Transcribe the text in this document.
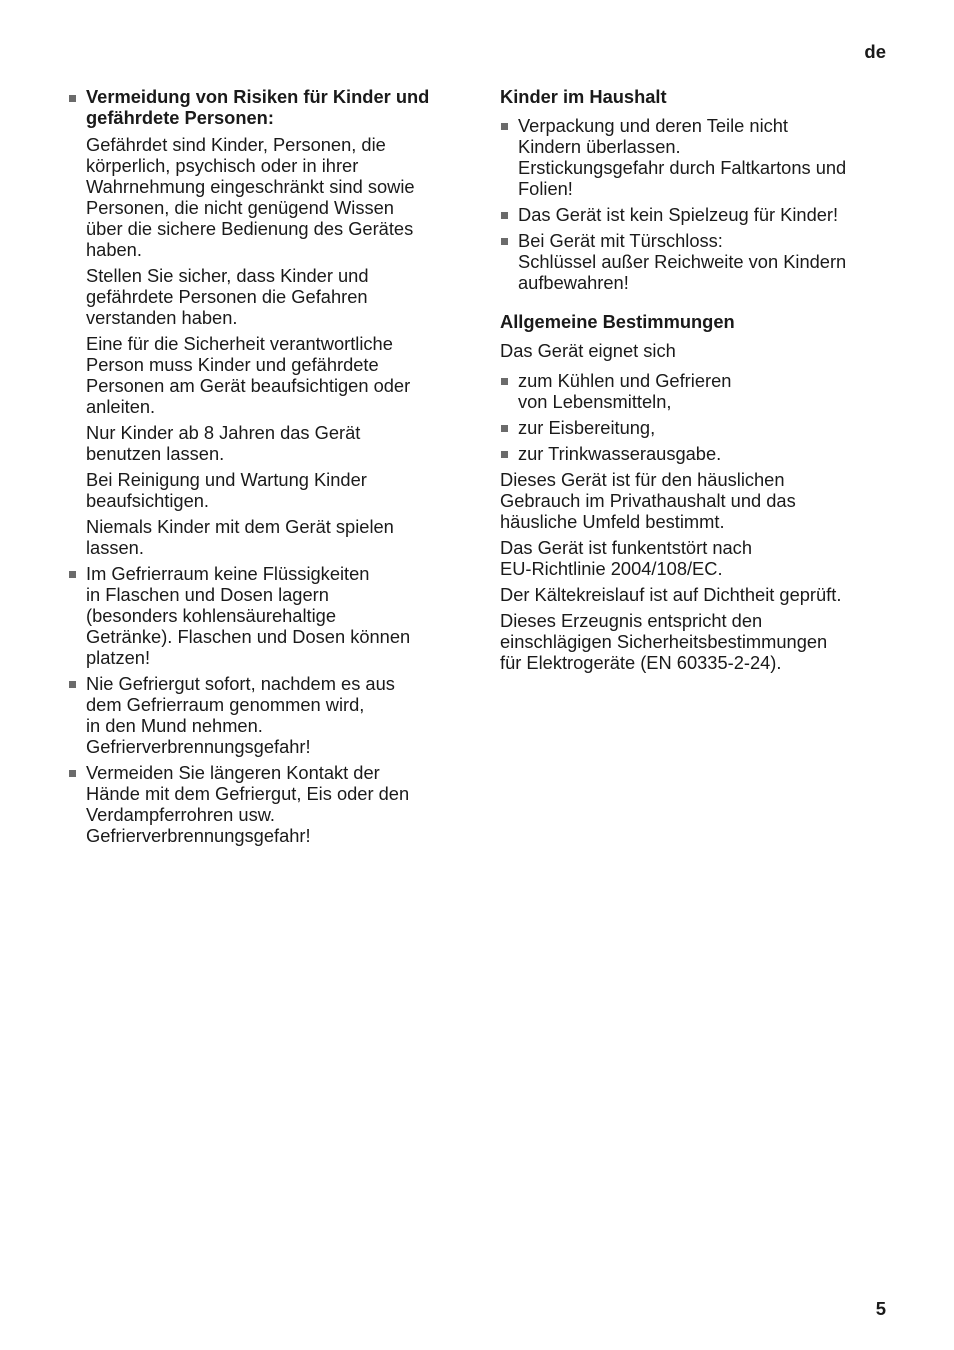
de
Vermeidung von Risiken für Kinder und
gefährdete Personen:
Gefährdet sind Kinder, Personen, die
körperlich, psychisch oder in ihrer
Wahrnehmung eingeschränkt sind sowie
Personen, die nicht genügend Wissen
über die sichere Bedienung des Gerätes
haben.
Stellen Sie sicher, dass Kinder und
gefährdete Personen die Gefahren
verstanden haben.
Eine für die Sicherheit verantwortliche
Person muss Kinder und gefährdete
Personen am Gerät beaufsichtigen oder
anleiten.
Nur Kinder ab 8 Jahren das Gerät
benutzen lassen.
Bei Reinigung und Wartung Kinder
beaufsichtigen.
Niemals Kinder mit dem Gerät spielen
lassen.
Im Gefrierraum keine Flüssigkeiten
in Flaschen und Dosen lagern
(besonders kohlensäurehaltige
Getränke). Flaschen und Dosen können
platzen!
Nie Gefriergut sofort, nachdem es aus
dem Gefrierraum genommen wird,
in den Mund nehmen.
Gefrierverbrennungsgefahr!
Vermeiden Sie längeren Kontakt der
Hände mit dem Gefriergut, Eis oder den
Verdampferrohren usw.
Gefrierverbrennungsgefahr!
Kinder im Haushalt
Verpackung und deren Teile nicht
Kindern überlassen.
Erstickungsgefahr durch Faltkartons und
Folien!
Das Gerät ist kein Spielzeug für Kinder!
Bei Gerät mit Türschloss:
Schlüssel außer Reichweite von Kindern
aufbewahren!
Allgemeine Bestimmungen
Das Gerät eignet sich
zum Kühlen und Gefrieren
von Lebensmitteln,
zur Eisbereitung,
zur Trinkwasserausgabe.
Dieses Gerät ist für den häuslichen
Gebrauch im Privathaushalt und das
häusliche Umfeld bestimmt.
Das Gerät ist funkentstört nach
EU-Richtlinie 2004/108/EC.
Der Kältekreislauf ist auf Dichtheit geprüft.
Dieses Erzeugnis entspricht den
einschlägigen Sicherheitsbestimmungen
für Elektrogeräte (EN 60335-2-24).
5
